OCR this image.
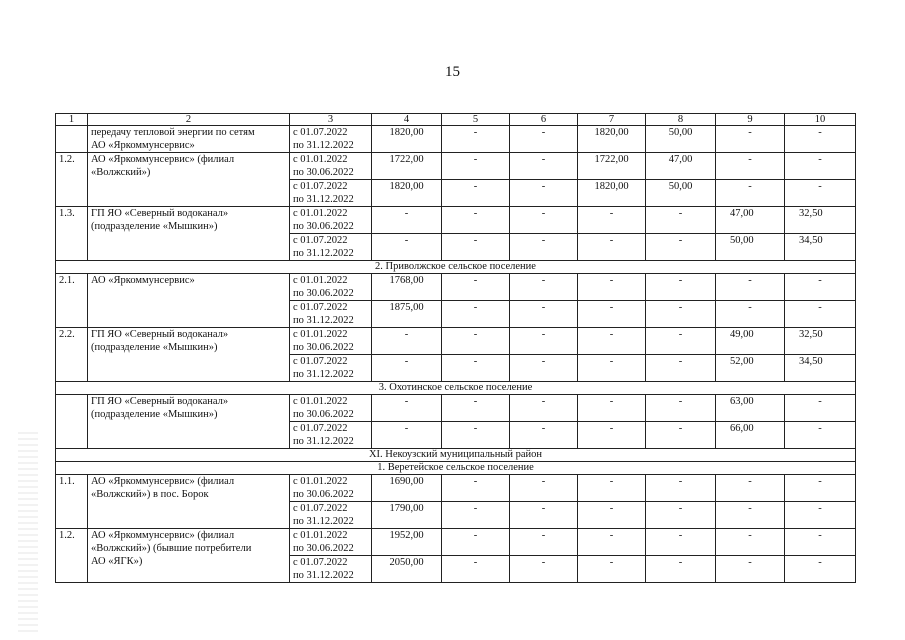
15
1	2	3	4	5	6	7	8	9	10
	передачу тепловой энергии по сетям
АО «Яркоммунсервис»	с 01.07.2022
по 31.12.2022	1820,00	-	-	1820,00	50,00	-	-
1.2.	АО «Яркоммунсервис» (филиал
«Волжский»)	с 01.01.2022
по 30.06.2022	1722,00	-	-	1722,00	47,00	-	-
		с 01.07.2022
по 31.12.2022	1820,00	-	-	1820,00	50,00	-	-
1.3.	ГП ЯО «Северный водоканал»
(подразделение «Мышкин»)	с 01.01.2022
по 30.06.2022	-	-	-	-	-	47,00	32,50
		с 01.07.2022
по 31.12.2022	-	-	-	-	-	50,00	34,50
2. Приволжское сельское поселение									
2.1.	АО «Яркоммунсервис»	с 01.01.2022
по 30.06.2022	1768,00	-	-	-	-	-	-
		с 01.07.2022
по 31.12.2022	1875,00	-	-	-	-	-	-
2.2.	ГП ЯО «Северный водоканал»
(подразделение «Мышкин»)	с 01.01.2022
по 30.06.2022	-	-	-	-	-	49,00	32,50
		с 01.07.2022
по 31.12.2022	-	-	-	-	-	52,00	34,50
3. Охотинское сельское поселение									
	ГП ЯО «Северный водоканал»
(подразделение «Мышкин»)	с 01.01.2022
по 30.06.2022	-	-	-	-	-	63,00	-
		с 01.07.2022
по 31.12.2022	-	-	-	-	-	66,00	-
XI. Некоузский муниципальный район									
1. Веретейское сельское поселение									
1.1.	АО «Яркоммунсервис» (филиал
«Волжский») в пос. Борок	с 01.01.2022
по 30.06.2022	1690,00	-	-	-	-	-	-
		с 01.07.2022
по 31.12.2022	1790,00	-	-	-	-	-	-
1.2.	АО «Яркоммунсервис» (филиал
«Волжский») (бывшие потребители
АО «ЯГК»)	с 01.01.2022
по 30.06.2022	1952,00	-	-	-	-	-	-
		с 01.07.2022
по 31.12.2022	2050,00	-	-	-	-	-	-
